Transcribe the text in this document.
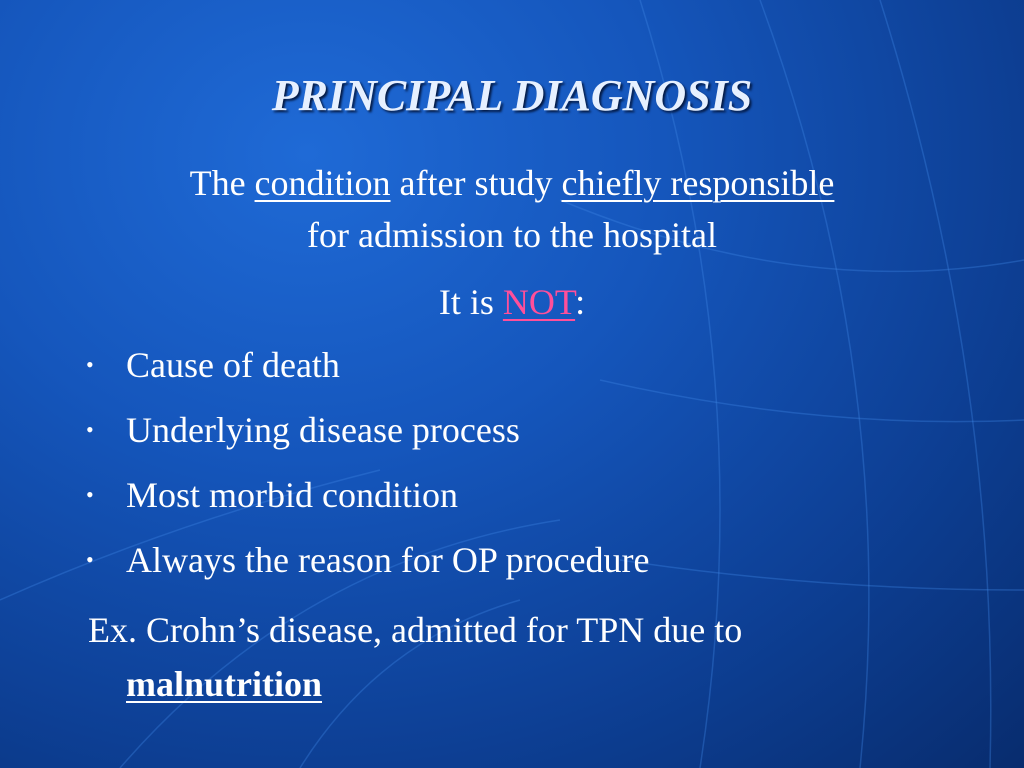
PRINCIPAL DIAGNOSIS
The condition after study chiefly responsible
for admission to the hospital
It is NOT:
• Cause of death
• Underlying disease process
• Most morbid condition
• Always the reason for OP procedure
Ex. Crohn’s disease, admitted for TPN due to
malnutrition
